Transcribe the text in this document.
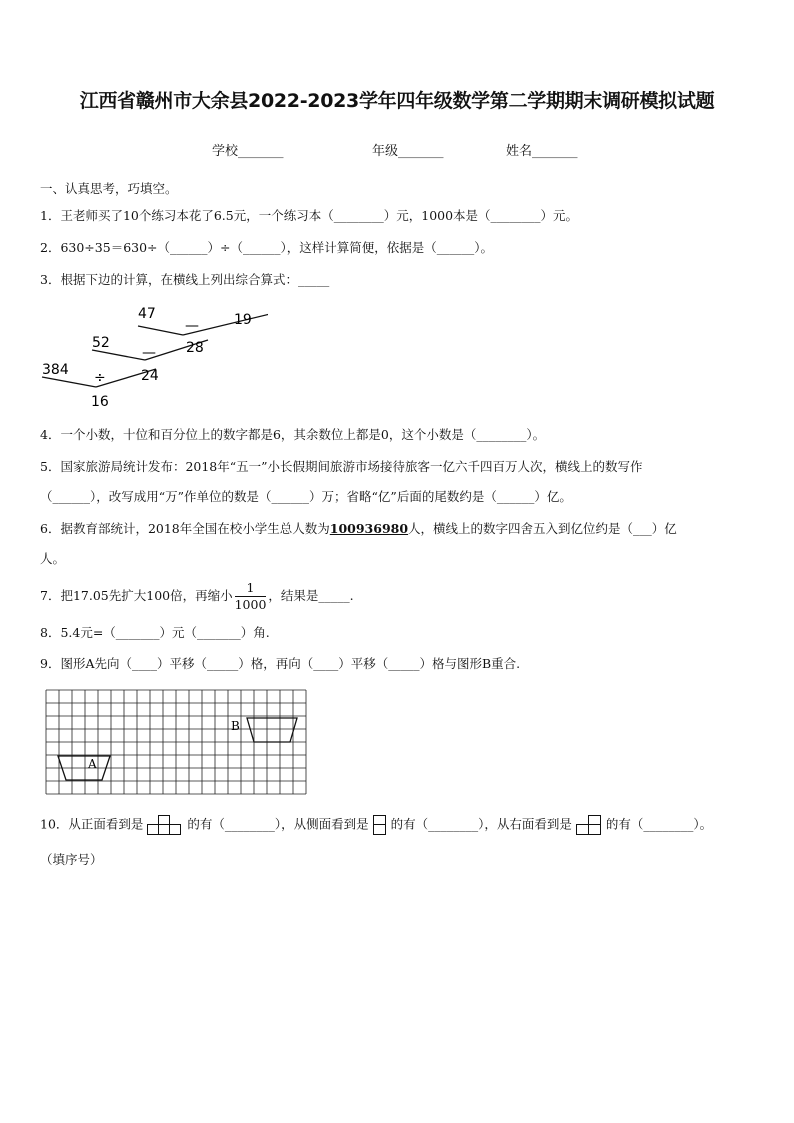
江西省赣州市大余县2022-2023学年四年级数学第二学期期末调研模拟试题
学校_______	年级_______	姓名_______
一、认真思考，巧填空。
1．王老师买了10个练习本花了6.5元，一个练习本（________）元，1000本是（________）元。
2．630÷35＝630÷（______）÷（______），这样计算简便，依据是（______）。
3．根据下边的计算，在横线上列出综合算式：_____
47
—	19
52
— 28
384 ÷	24
16
4．一个小数，十位和百分位上的数字都是6，其余数位上都是0，这个小数是（________）。
5．国家旅游局统计发布：2018年“五一”小长假期间旅游市场接待旅客一亿六千四百万人次，横线上的数写作
（______），改写成用“万”作单位的数是（______）万；省略“亿”后面的尾数约是（______）亿。
6．据教育部统计，2018年全国在校小学生总人数为100936980人，横线上的数字四舍五入到亿位约是（___）亿
人。
7．把17.05先扩大100倍，再缩小 $\frac{1}{1000}$ ，结果是_____.
8．5.4元=（_______）元（_______）角.
9．图形A先向（____）平移（_____）格，再向（____）平移（_____）格与图形B重合.
B
A
10．从正面看到是	的有（________），从侧面看到是 的有（________），从右面看到是	的有（________）。
（填序号）
